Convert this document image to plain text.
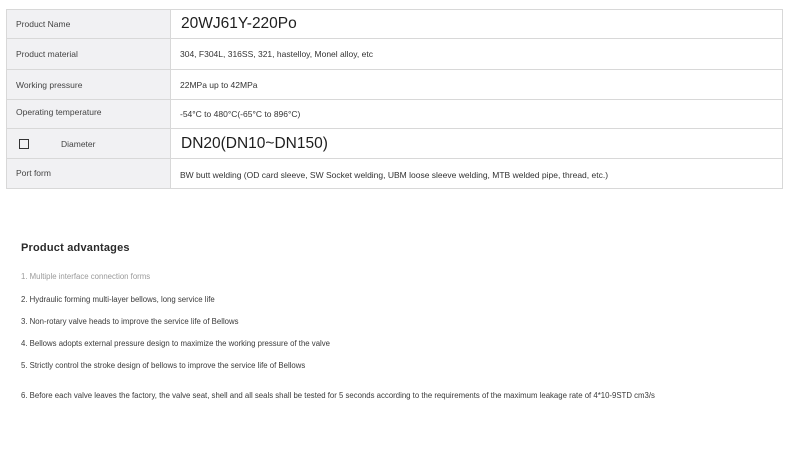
Product Name	20WJ61Y-220Po
Product material	304, F304L, 316SS, 321, hastelloy, Monel alloy, etc
Working pressure	22MPa up to 42MPa
Operating temperature	-54°C to 480°C(-65°C to 896°C)
Diameter	DN20(DN10~DN150)
Port form	BW butt welding (OD card sleeve, SW Socket welding, UBM loose sleeve welding, MTB welded pipe, thread, etc.)
Product advantages
1. Multiple interface connection forms
2. Hydraulic forming multi-layer bellows, long service life
3. Non-rotary valve heads to improve the service life of Bellows
4. Bellows adopts external pressure design to maximize the working pressure of the valve
5. Strictly control the stroke design of bellows to improve the service life of Bellows
6. Before each valve leaves the factory, the valve seat, shell and all seals shall be tested for 5 seconds according to the requirements of the maximum leakage rate of 4*10-9STD cm3/s
